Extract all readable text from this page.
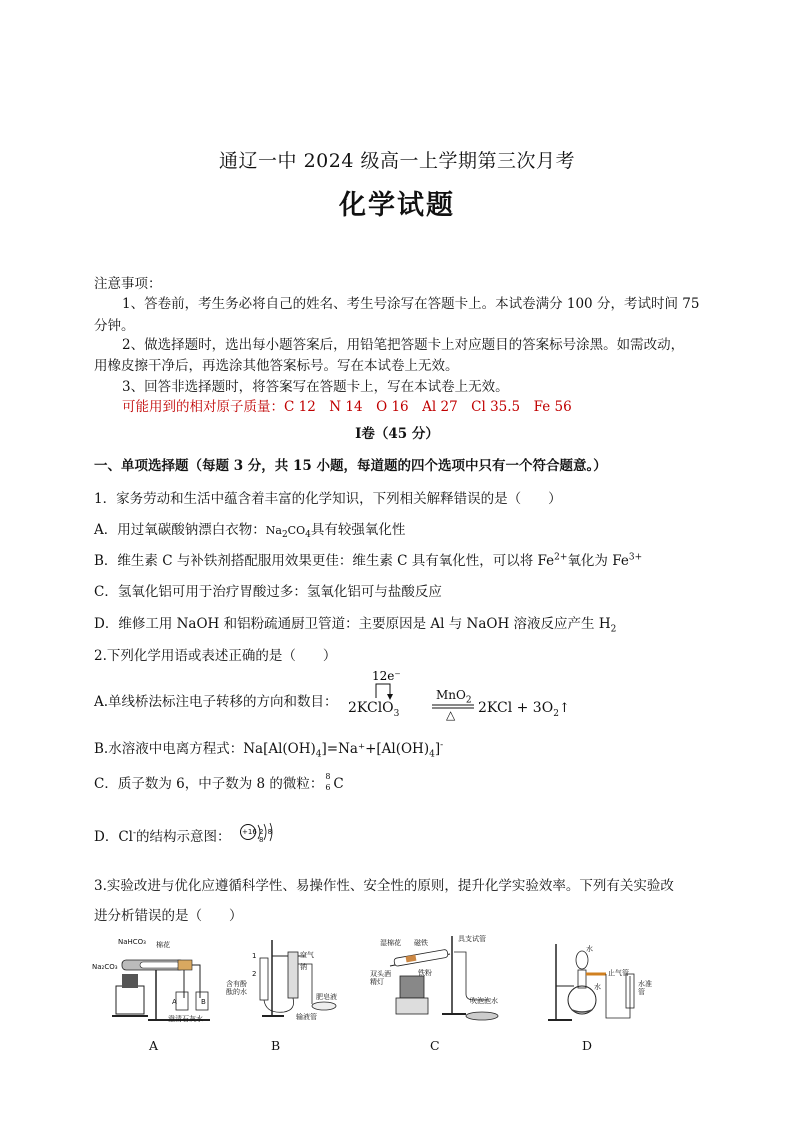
通辽一中 2024 级高一上学期第三次月考
化学试题
注意事项：
1、答卷前，考生务必将自己的姓名、考生号涂写在答题卡上。本试卷满分 100 分，考试时间 75
分钟。
2、做选择题时，选出每小题答案后，用铅笔把答题卡上对应题目的答案标号涂黑。如需改动，
用橡皮擦干净后，再选涂其他答案标号。写在本试卷上无效。
3、回答非选择题时，将答案写在答题卡上，写在本试卷上无效。
可能用到的相对原子质量：C 12　N 14　O 16　Al 27　Cl 35.5　Fe 56
Ⅰ卷（45 分）
一、单项选择题（每题 3 分，共 15 小题，每道题的四个选项中只有一个符合题意。）
1．家务劳动和生活中蕴含着丰富的化学知识，下列相关解释错误的是（　　）
A．用过氧碳酸钠漂白衣物：$Na_2CO_4$具有较强氧化性
B．维生素 C 与补铁剂搭配服用效果更佳：维生素 C 具有氧化性，可以将 $Fe^{2+}$氧化为 $Fe^{3+}$
C．氢氧化铝可用于治疗胃酸过多：氢氧化铝可与盐酸反应
D．维修工用 NaOH 和铝粉疏通厨卫管道：主要原因是 Al 与 NaOH 溶液反应产生 $H_2$
2.下列化学用语或表述正确的是（　　）
A.单线桥法标注电子转移的方向和数目：
12e⁻
2KClO$_3$
MnO$_2$
△ $2KCl + 3O_2↑$
B.水溶液中电离方程式：$Na[Al(OH)_4]=Na^++[Al(OH)_4]^-$
C．质子数为 6，中子数为 8 的微粒： 8
6 C
D．Cl-的结构示意图： +16 2 8 8
3.实验改进与优化应遵循科学性、易操作性、安全性的原则，提升化学实验效率。下列有关实验改
进分析错误的是（　　）
NaHCO₃ 棉花
Na₂CO₃
A	B
澄清石灰水
1
2
含有酚酞的水
空气
钠
肥皂液
输液管
湿棉花 磁铁	具支试管
双头酒精灯
铁粉
吹泡泡水
水
止气管
水	水准管
A	B	C	D
